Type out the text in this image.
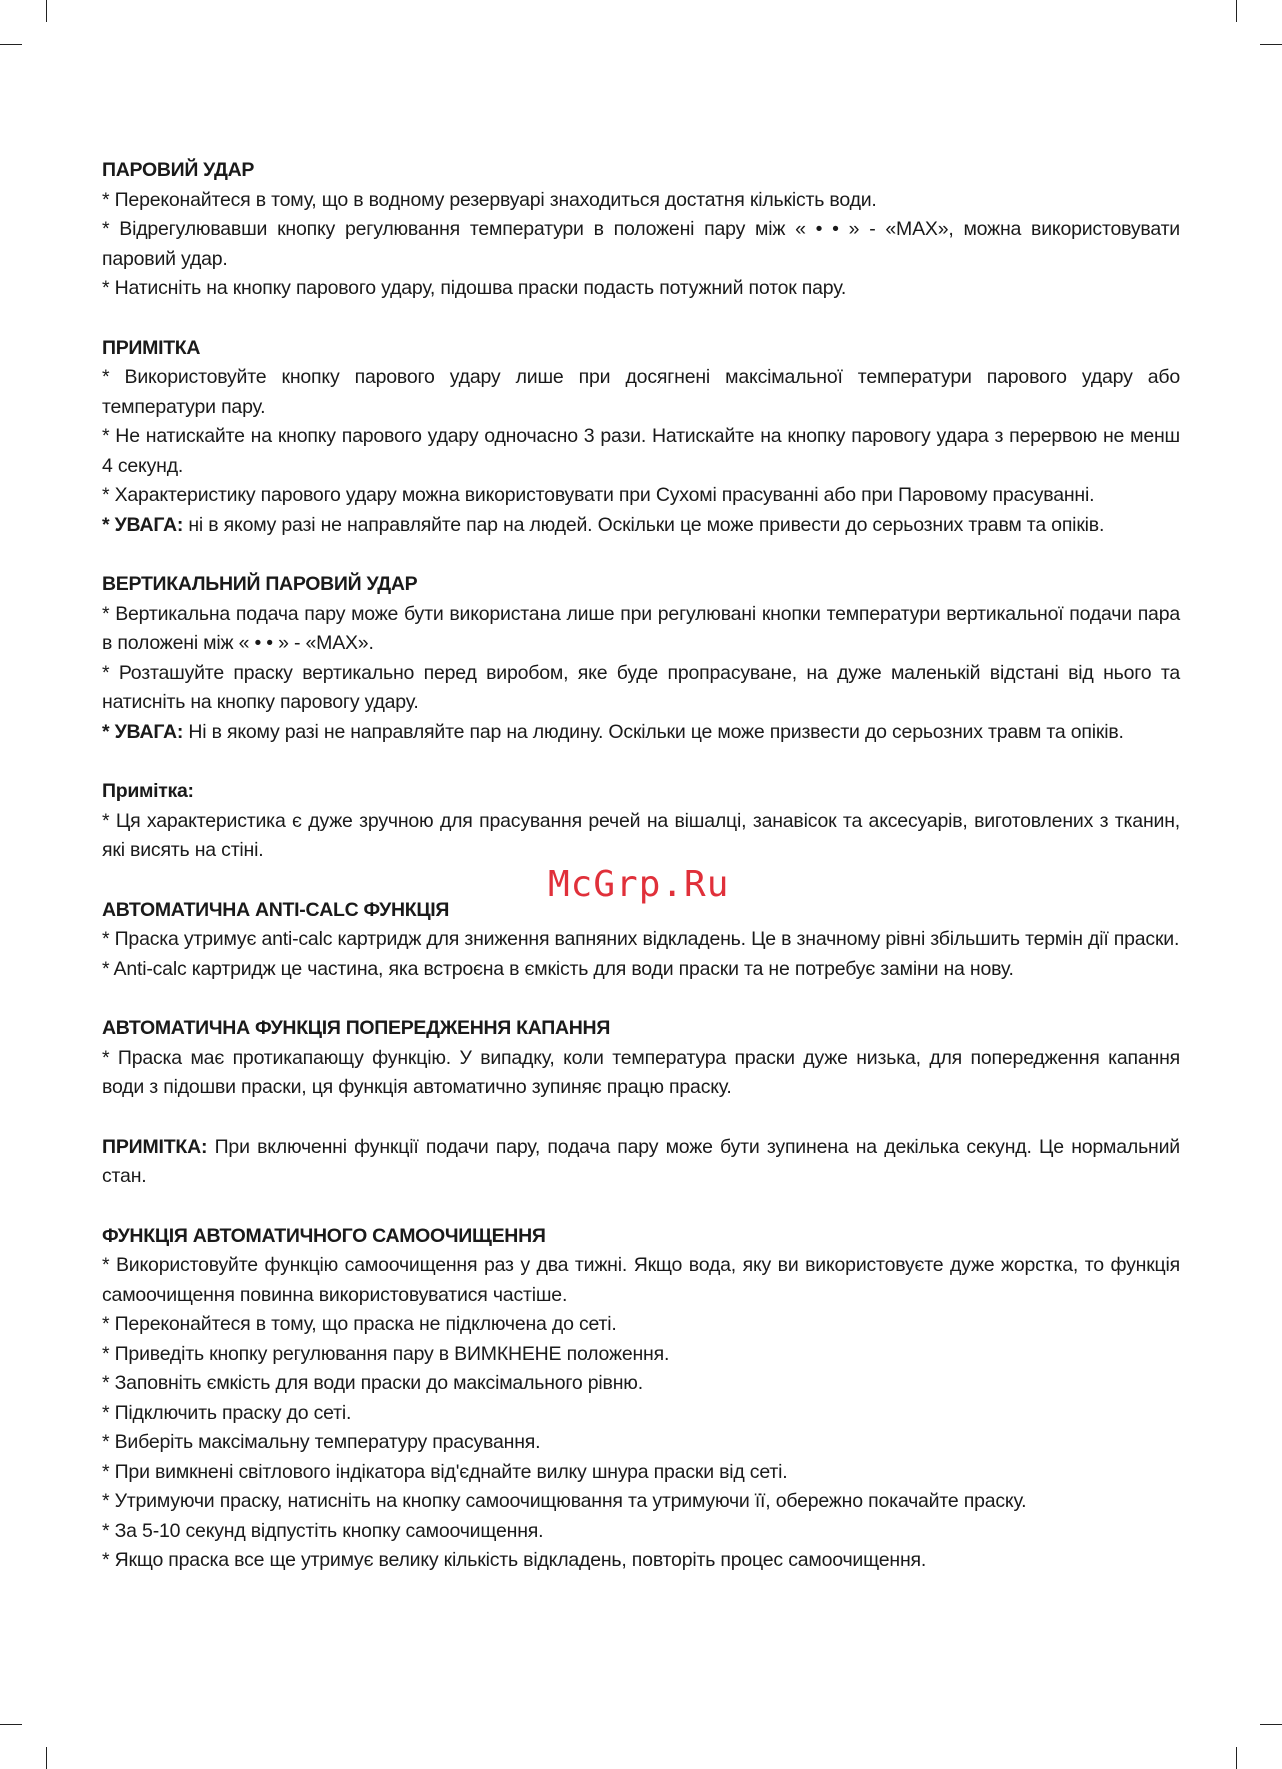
McGrp.Ru

ПАРОВИЙ УДАР

* Переконайтеся в тому, що в водному резервуарі знаходиться достатня кількість води.

* Відрегулювавши кнопку регулювання температури в положені пару між « • • » - «MAX», можна використовувати паровий удар.

* Натисніть на кнопку парового удару, підошва праски подасть потужний поток пару.

ПРИМІТКА

* Використовуйте кнопку парового удару лише при досягнені максімальної температури парового удару або температури пару.

* Не натискайте на кнопку парового удару одночасно 3 рази. Натискайте на кнопку паровогу удара з перервою не менш 4 секунд.

* Характеристику парового удару можна використовувати при Сухомі прасуванні або при Паровому прасуванні.

* УВАГА: ні в якому разі не направляйте пар на людей. Оскільки це може привести до серьозних травм та опіків.

ВЕРТИКАЛЬНИЙ ПАРОВИЙ УДАР

* Вертикальна подача пару може бути використана лише при регулювані кнопки температури вертикальної подачи пара в положені між « • • » - «MAX».

* Розташуйте праску вертикально перед виробом, яке буде пропрасуване, на дуже маленькій відстані від нього та натисніть на кнопку паровогу удару.

* УВАГА: Ні в якому разі не направляйте пар на людину. Оскільки це може призвести до серьозних травм та опіків.

Примітка:

* Ця характеристика є дуже зручною для прасування речей на вішалці, занавісок та аксесуарів, виготовлених з тканин, які висять на стіні.

АВТОМАТИЧНА ANTI-CALC ФУНКЦІЯ

* Праска утримує anti-calc картридж для зниження вапняних відкладень. Це в значному рівні збільшить термін дії праски.

* Anti-calc картридж це частина, яка встроєна в ємкість для води праски та не потребує заміни на нову.

АВТОМАТИЧНА ФУНКЦІЯ ПОПЕРЕДЖЕННЯ КАПАННЯ

* Праска має протикапающу функцію. У випадку, коли температура праски дуже низька, для попередження капання води з підошви праски, ця функція автоматично зупиняє працю праску.

ПРИМІТКА: При включенні функції подачи пару, подача пару може бути зупинена на декілька секунд. Це нормальний стан.

ФУНКЦІЯ АВТОМАТИЧНОГО САМООЧИЩЕННЯ

* Використовуйте функцію самоочищення раз у два тижні. Якщо вода, яку ви використовуєте дуже жорстка, то функція самоочищення повинна використовуватися частіше.

* Переконайтеся в тому, що праска не підключена до сеті.

* Приведіть кнопку регулювання пару в ВИМКНЕНЕ положення.

* Заповніть ємкість для води праски до максімального рівню.

* Підключить праску до сеті.

* Виберіть максімальну температуру прасування.

* При вимкнені світлового індікатора від'єднайте вилку шнура праски від сеті.

* Утримуючи праску, натисніть на кнопку самоочищювання та утримуючи її, обережно покачайте праску.

* За 5-10 секунд відпустіть кнопку самоочищення.

* Якщо праска все ще утримує велику кількість відкладень, повторіть процес самоочищення.
